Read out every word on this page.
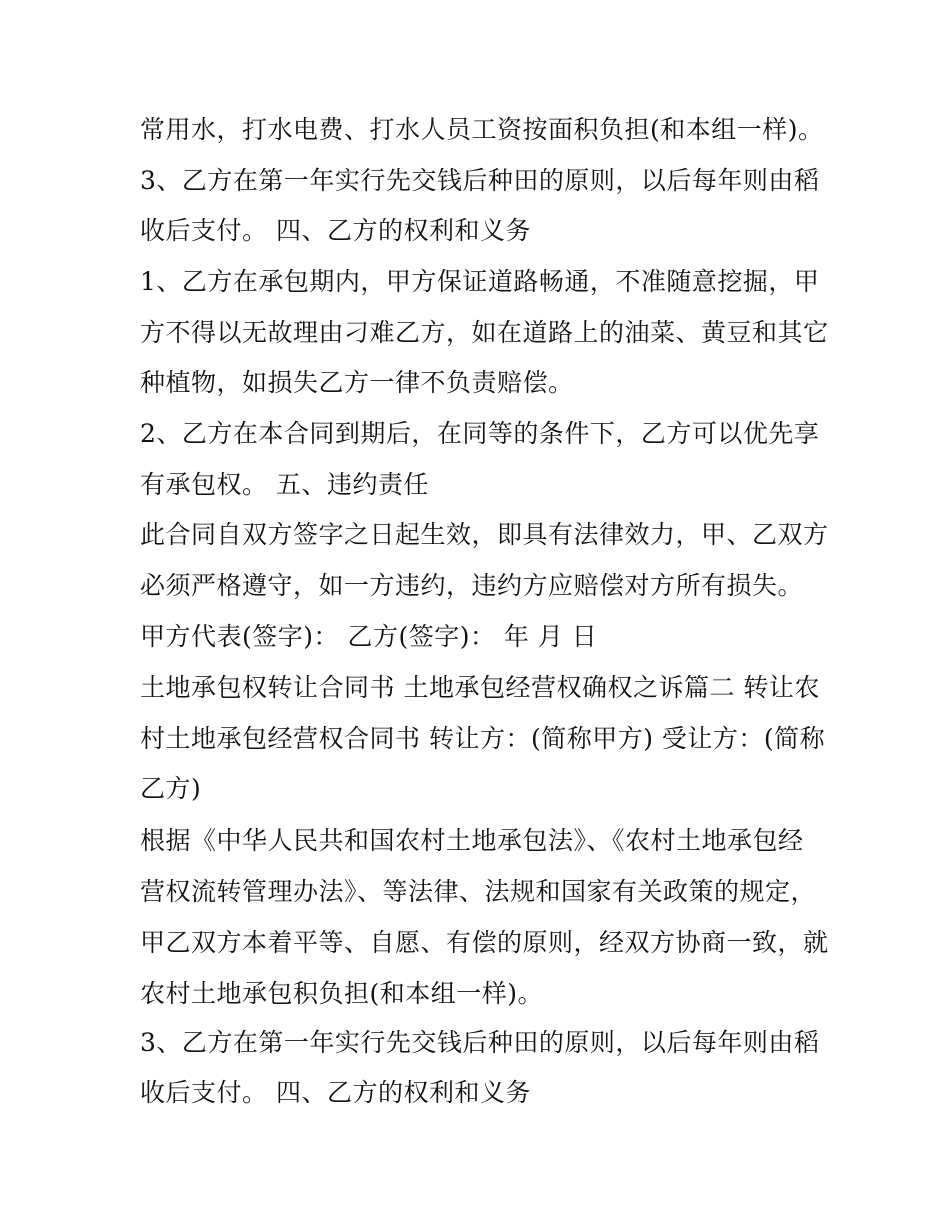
常用水，打水电费、打水人员工资按面积负担(和本组一样)。
3、乙方在第一年实行先交钱后种田的原则，以后每年则由稻
收后支付。 四、乙方的权利和义务
1、乙方在承包期内，甲方保证道路畅通，不准随意挖掘，甲
方不得以无故理由刁难乙方，如在道路上的油菜、黄豆和其它
种植物，如损失乙方一律不负责赔偿。
2、乙方在本合同到期后，在同等的条件下，乙方可以优先享
有承包权。 五、违约责任
此合同自双方签字之日起生效，即具有法律效力，甲、乙双方
必须严格遵守，如一方违约，违约方应赔偿对方所有损失。
甲方代表(签字)： 乙方(签字)： 年 月 日
土地承包权转让合同书 土地承包经营权确权之诉篇二 转让农
村土地承包经营权合同书 转让方：(简称甲方) 受让方：(简称
乙方)
根据《中华人民共和国农村土地承包法》、《农村土地承包经
营权流转管理办法》、等法律、法规和国家有关政策的规定，
甲乙双方本着平等、自愿、有偿的原则，经双方协商一致，就
农村土地承包积负担(和本组一样)。
3、乙方在第一年实行先交钱后种田的原则，以后每年则由稻
收后支付。 四、乙方的权利和义务
